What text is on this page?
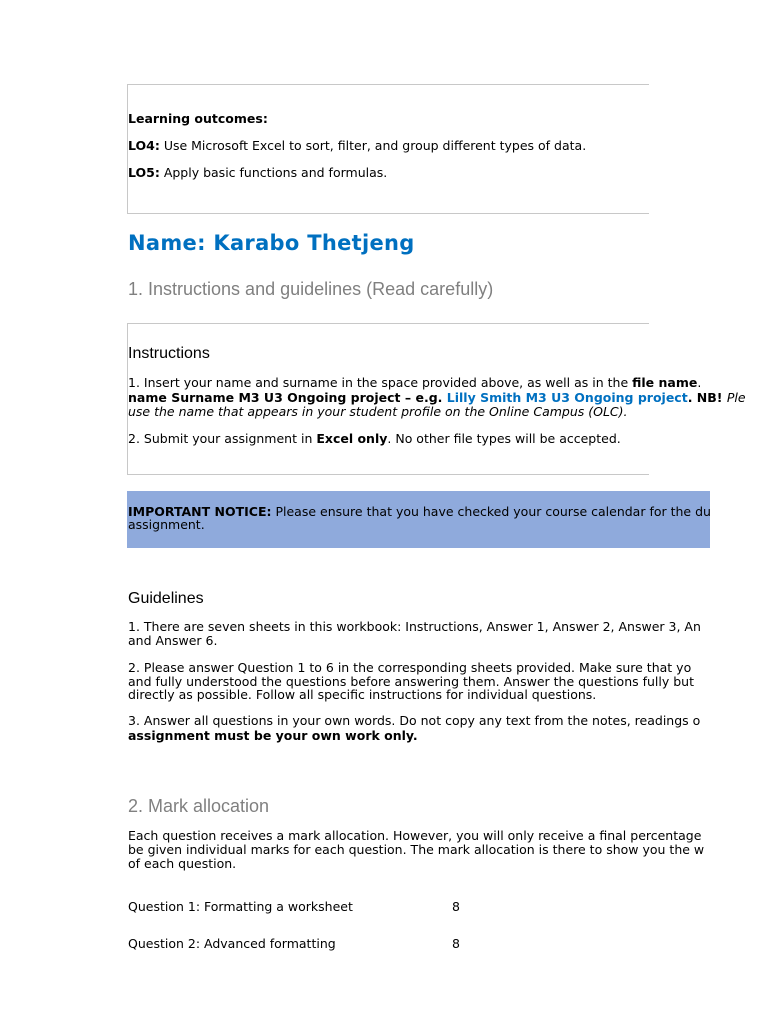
Learning outcomes:
LO4: Use Microsoft Excel to sort, filter, and group different types of data.
LO5: Apply basic functions and formulas.
Name: Karabo Thetjeng
1. Instructions and guidelines (Read carefully)
Instructions
1. Insert your name and surname in the space provided above, as well as in the file name.
name Surname M3 U3 Ongoing project – e.g. Lilly Smith M3 U3 Ongoing project. NB! Ple
use the name that appears in your student profile on the Online Campus (OLC).
2. Submit your assignment in Excel only. No other file types will be accepted.
IMPORTANT NOTICE: Please ensure that you have checked your course calendar for the du
assignment.
Guidelines
1. There are seven sheets in this workbook: Instructions, Answer 1, Answer 2, Answer 3, An
and Answer 6.
2. Please answer Question 1 to 6 in the corresponding sheets provided. Make sure that yo
and fully understood the questions before answering them. Answer the questions fully but
directly as possible. Follow all specific instructions for individual questions.
3. Answer all questions in your own words. Do not copy any text from the notes, readings o
assignment must be your own work only.
2. Mark allocation
Each question receives a mark allocation. However, you will only receive a final percentage
be given individual marks for each question. The mark allocation is there to show you the w
of each question.
Question 1: Formatting a worksheet	8
Question 2: Advanced formatting	8
